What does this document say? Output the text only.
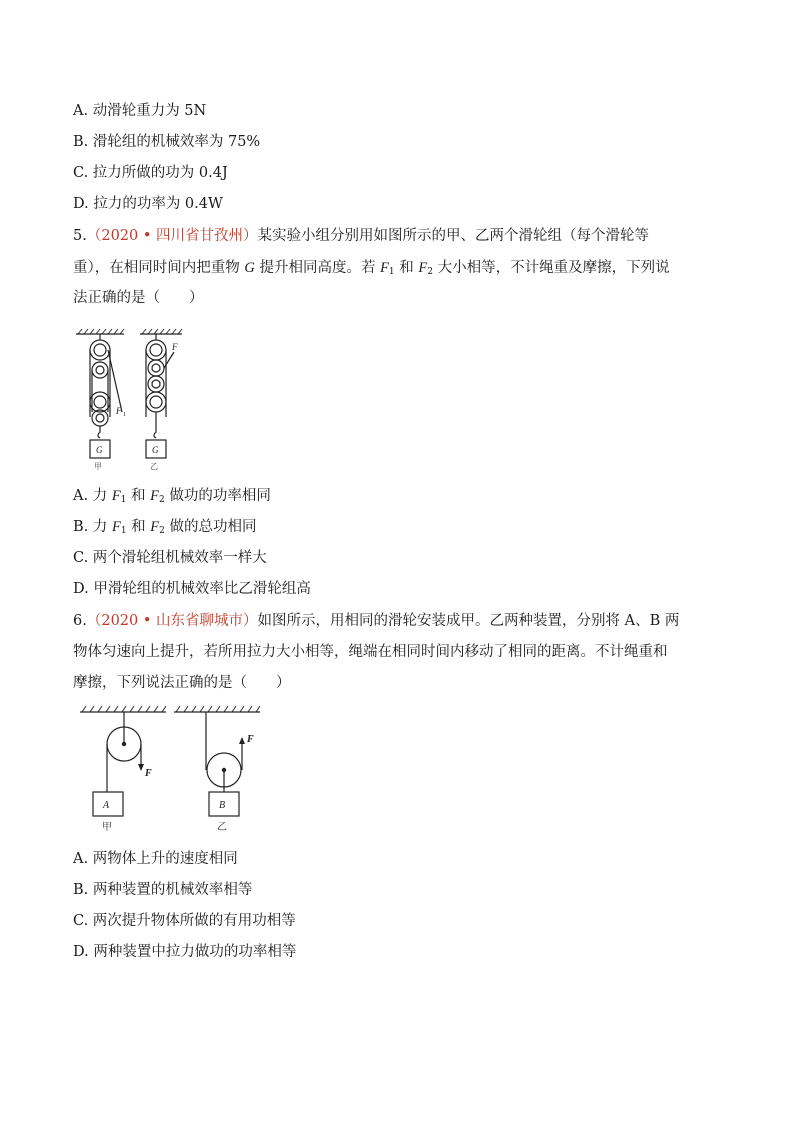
A. 动滑轮重力为 5N
B. 滑轮组的机械效率为 75%
C. 拉力所做的功为 0.4J
D. 拉力的功率为 0.4W
5.（2020 • 四川省甘孜州）某实验小组分别用如图所示的甲、乙两个滑轮组（每个滑轮等
重），在相同时间内把重物 G 提升相同高度。若 $F_1$ 和 $F_2$ 大小相等，不计绳重及摩擦，下列说
法正确的是（　　）
F 1
F
G	G
甲	乙
A. 力 $F_1$ 和 $F_2$ 做功的功率相同
B. 力 $F_1$ 和 $F_2$ 做的总功相同
C. 两个滑轮组机械效率一样大
D. 甲滑轮组的机械效率比乙滑轮组高
6.（2020 • 山东省聊城市）如图所示，用相同的滑轮安装成甲。乙两种装置，分别将 A、B 两
物体匀速向上提升，若所用拉力大小相等，绳端在相同时间内移动了相同的距离。不计绳重和
摩擦，下列说法正确的是（　　）
F
F
A	B
甲	乙
A. 两物体上升的速度相同
B. 两种装置的机械效率相等
C. 两次提升物体所做的有用功相等
D. 两种装置中拉力做功的功率相等
